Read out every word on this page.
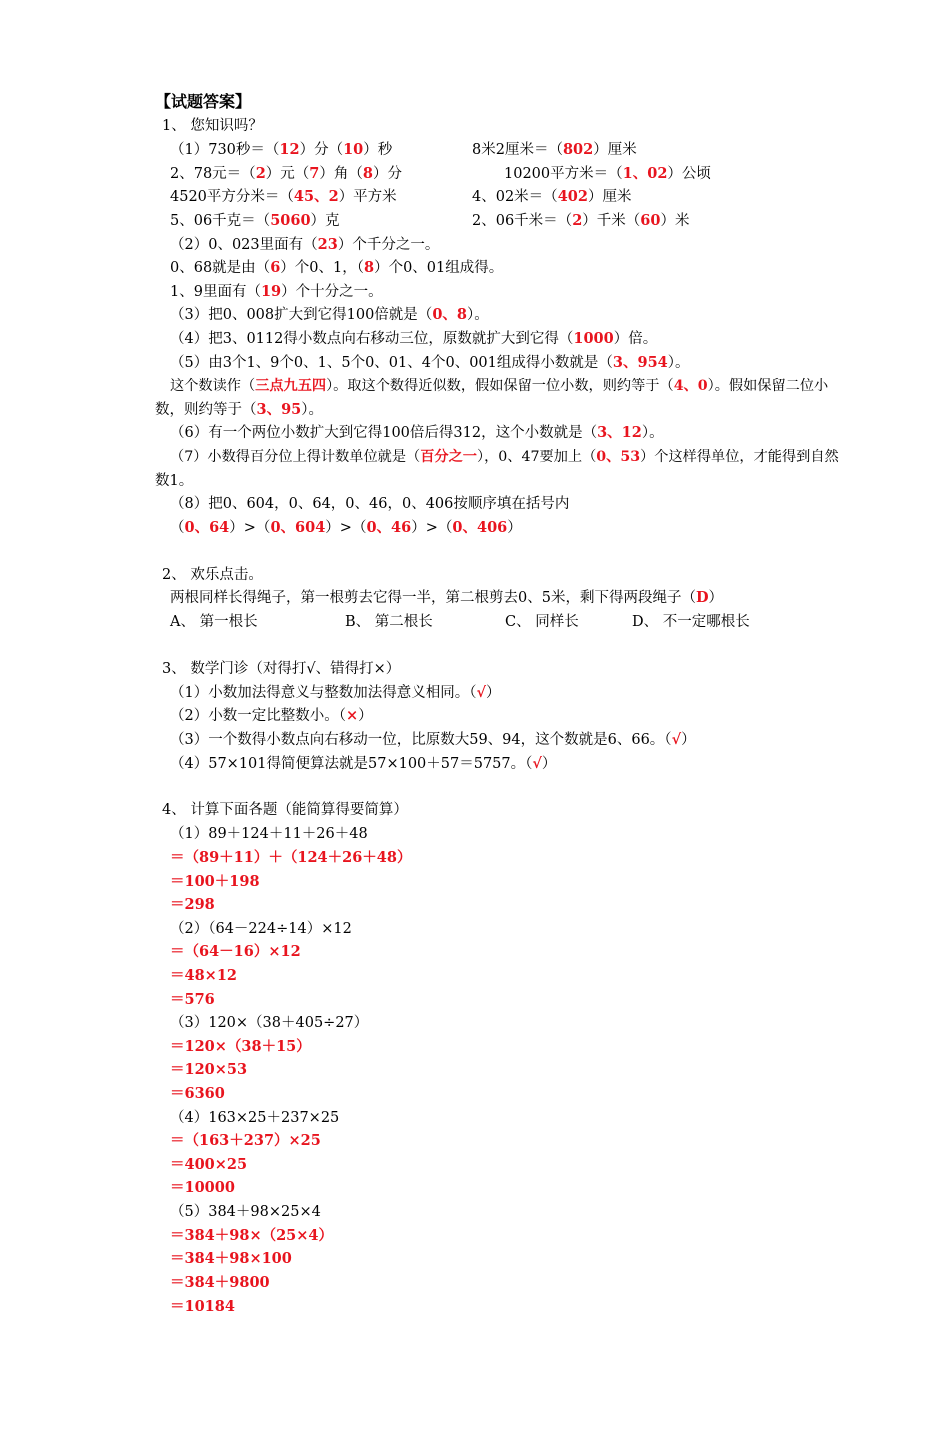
【试题答案】
1、 您知识吗？
（1）730秒＝（12）分（10）秒	8米2厘米＝（802）厘米
2、78元＝（2）元（7）角（8）分	10200平方米＝（1、02）公顷
4520平方分米＝（45、2）平方米	4、02米＝（402）厘米
5、06千克＝（5060）克	2、06千米＝（2）千米（60）米
（2）0、023里面有（23）个千分之一。
0、68就是由（6）个0、1，（8）个0、01组成得。
1、9里面有（19）个十分之一。
（3）把0、008扩大到它得100倍就是（0、8）。
（4）把3、0112得小数点向右移动三位，原数就扩大到它得（1000）倍。
（5）由3个1、9个0、1、5个0、01、4个0、001组成得小数就是（3、954）。
这个数读作（三点九五四）。取这个数得近似数，假如保留一位小数，则约等于（4、0）。假如保留二位小
数，则约等于（3、95）。
（6）有一个两位小数扩大到它得100倍后得312，这个小数就是（3、12）。
（7）小数得百分位上得计数单位就是（百分之一），0、47要加上（0、53）个这样得单位，才能得到自然
数1。
（8）把0、604，0、64，0、46，0、406按顺序填在括号内
（0、64）>（0、604）>（0、46）>（0、406）
2、 欢乐点击。
两根同样长得绳子，第一根剪去它得一半，第二根剪去0、5米，剩下得两段绳子（D）
A、 第一根长	B、 第二根长	C、 同样长	D、 不一定哪根长
3、 数学门诊（对得打√、错得打×）
（1）小数加法得意义与整数加法得意义相同。（√）
（2）小数一定比整数小。（×）
（3）一个数得小数点向右移动一位，比原数大59、94，这个数就是6、66。（√）
（4）57×101得简便算法就是57×100＋57＝5757。（√）
4、 计算下面各题（能简算得要简算）
（1）89＋124＋11＋26＋48
＝（89＋11）＋（124＋26＋48）
＝100＋198
＝298
（2）（64－224÷14）×12
＝（64－16）×12
＝48×12
＝576
（3）120×（38＋405÷27）
＝120×（38＋15）
＝120×53
＝6360
（4）163×25＋237×25
＝（163＋237）×25
＝400×25
＝10000
（5）384＋98×25×4
＝384＋98×（25×4）
＝384＋98×100
＝384＋9800
＝10184
